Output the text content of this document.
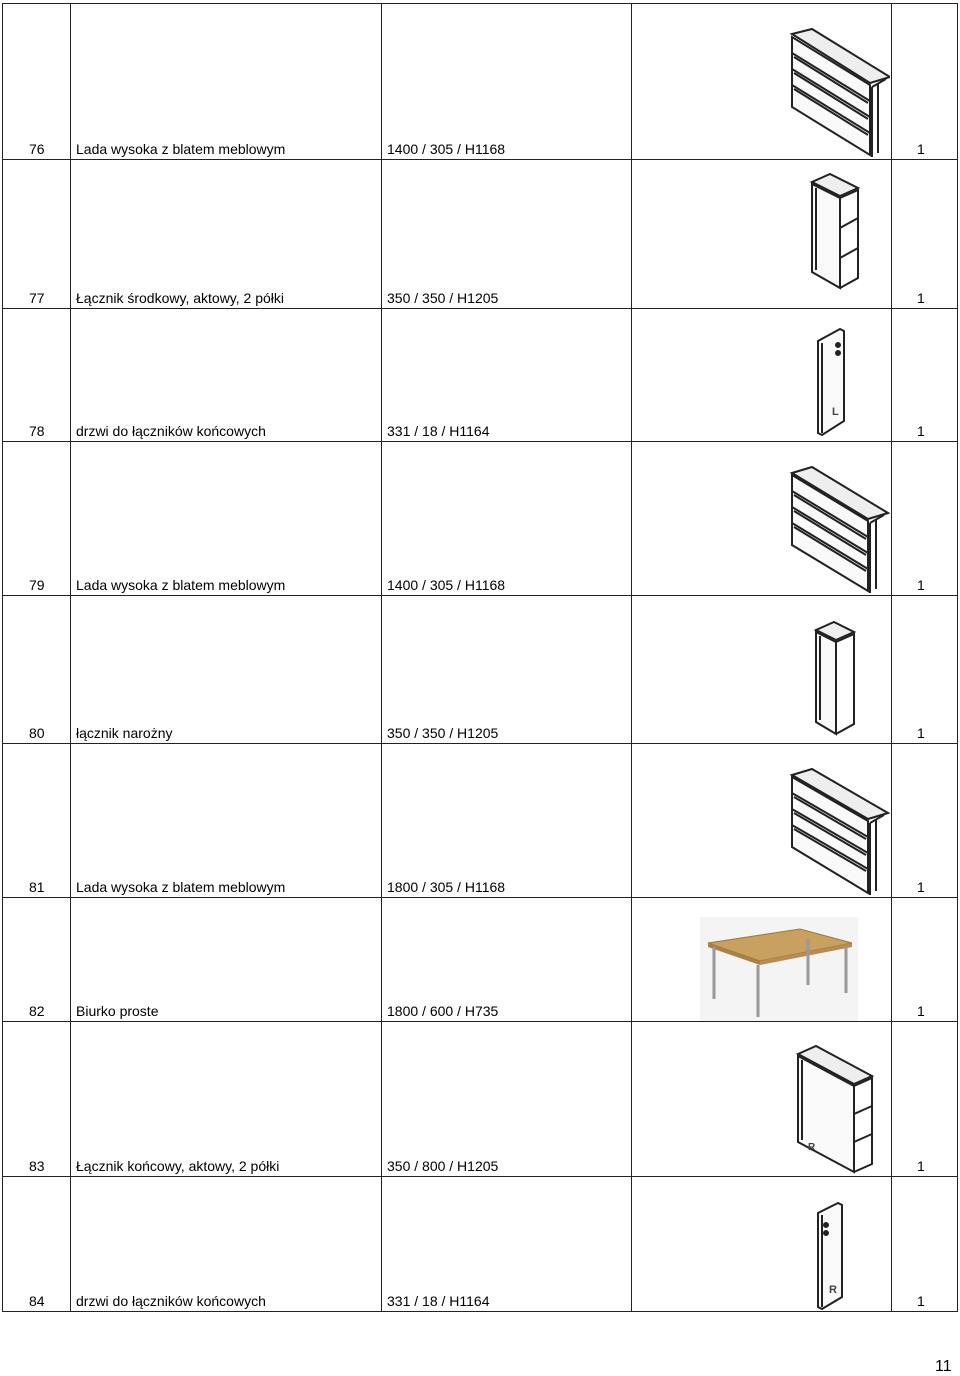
76	Lada wysoka z blatem meblowym	1400 / 305 / H1168		1

77	Łącznik środkowy, aktowy, 2 półki	350 / 350 / H1205		1

78	drzwi do łączników końcowych	331 / 18 / H1164	L	1

79	Lada wysoka z blatem meblowym	1400 / 305 / H1168		1

80	łącznik narożny	350 / 350 / H1205		1

81	Lada wysoka z blatem meblowym	1800 / 305 / H1168		1

82	Biurko proste	1800 / 600 / H735		1

83	Łącznik końcowy, aktowy, 2 półki	350 / 800 / H1205	R	1

84	drzwi do łączników końcowych	331 / 18 / H1164	R	1
11
